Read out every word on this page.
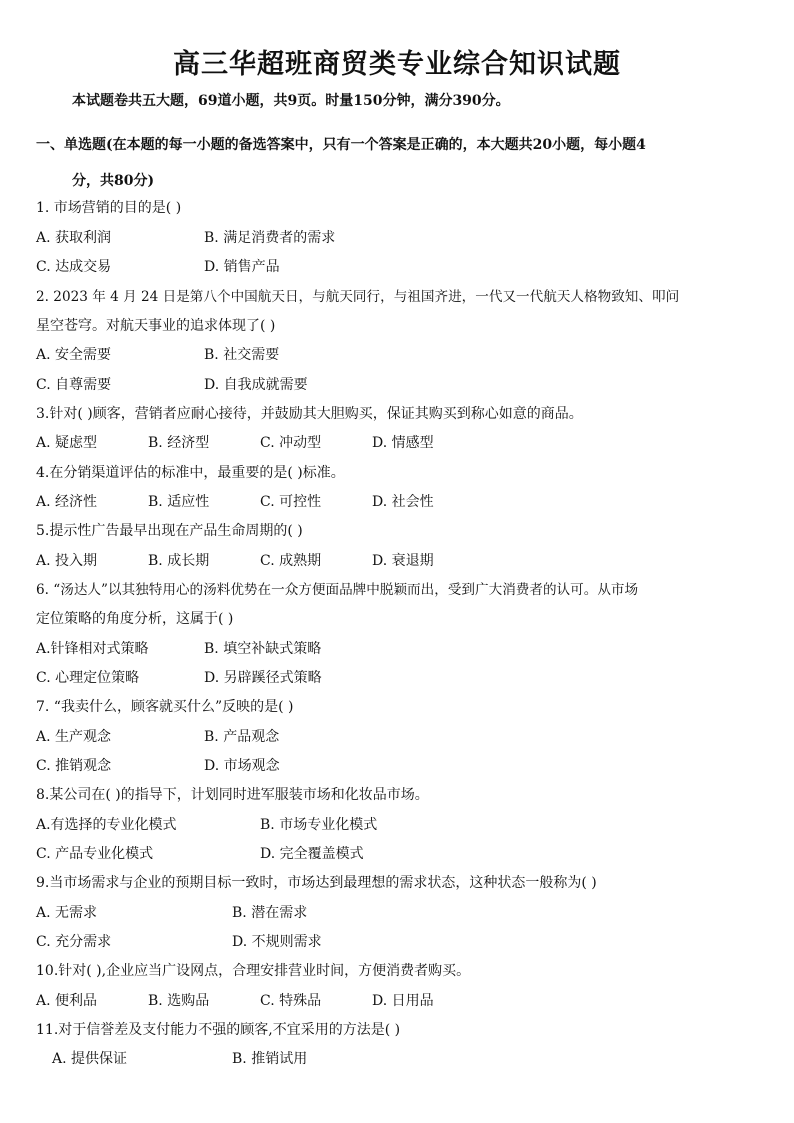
高三华超班商贸类专业综合知识试题
本试题卷共五大题，69道小题，共9页。时量150分钟，满分390分。
一、单选题(在本题的每一小题的备选答案中，只有一个答案是正确的，本大题共20小题，每小题4
分，共80分)
1. 市场营销的目的是( )
A. 获取利润	B. 满足消费者的需求
C. 达成交易	D. 销售产品
2. 2023 年 4 月 24 日是第八个中国航天日，与航天同行，与祖国齐进，一代又一代航天人格物致知、叩问
星空苍穹。对航天事业的追求体现了( )
A. 安全需要	B. 社交需要
C. 自尊需要	D. 自我成就需要
3.针对( )顾客，营销者应耐心接待，并鼓励其大胆购买，保证其购买到称心如意的商品。
A. 疑虑型	B. 经济型	C. 冲动型	D. 情感型
4.在分销渠道评估的标准中，最重要的是( )标准。
A. 经济性	B. 适应性	C. 可控性	D. 社会性
5.提示性广告最早出现在产品生命周期的( )
A. 投入期	B. 成长期	C. 成熟期	D. 衰退期
6. “汤达人”以其独特用心的汤料优势在一众方便面品牌中脱颖而出，受到广大消费者的认可。从市场
定位策略的角度分析，这属于( )
A.针锋相对式策略	B. 填空补缺式策略
C. 心理定位策略	D. 另辟蹊径式策略
7. “我卖什么，顾客就买什么”反映的是( )
A. 生产观念	B. 产品观念
C. 推销观念	D. 市场观念
8.某公司在( )的指导下，计划同时进军服装市场和化妆品市场。
A.有选择的专业化模式	B. 市场专业化模式
C. 产品专业化模式	D. 完全覆盖模式
9.当市场需求与企业的预期目标一致时，市场达到最理想的需求状态，这种状态一般称为( )
A. 无需求	B. 潜在需求
C. 充分需求	D. 不规则需求
10.针对( ),企业应当广设网点，合理安排营业时间，方便消费者购买。
A. 便利品	B. 选购品	C. 特殊品	D. 日用品
11.对于信誉差及支付能力不强的顾客,不宜采用的方法是( )
A. 提供保证	B. 推销试用
